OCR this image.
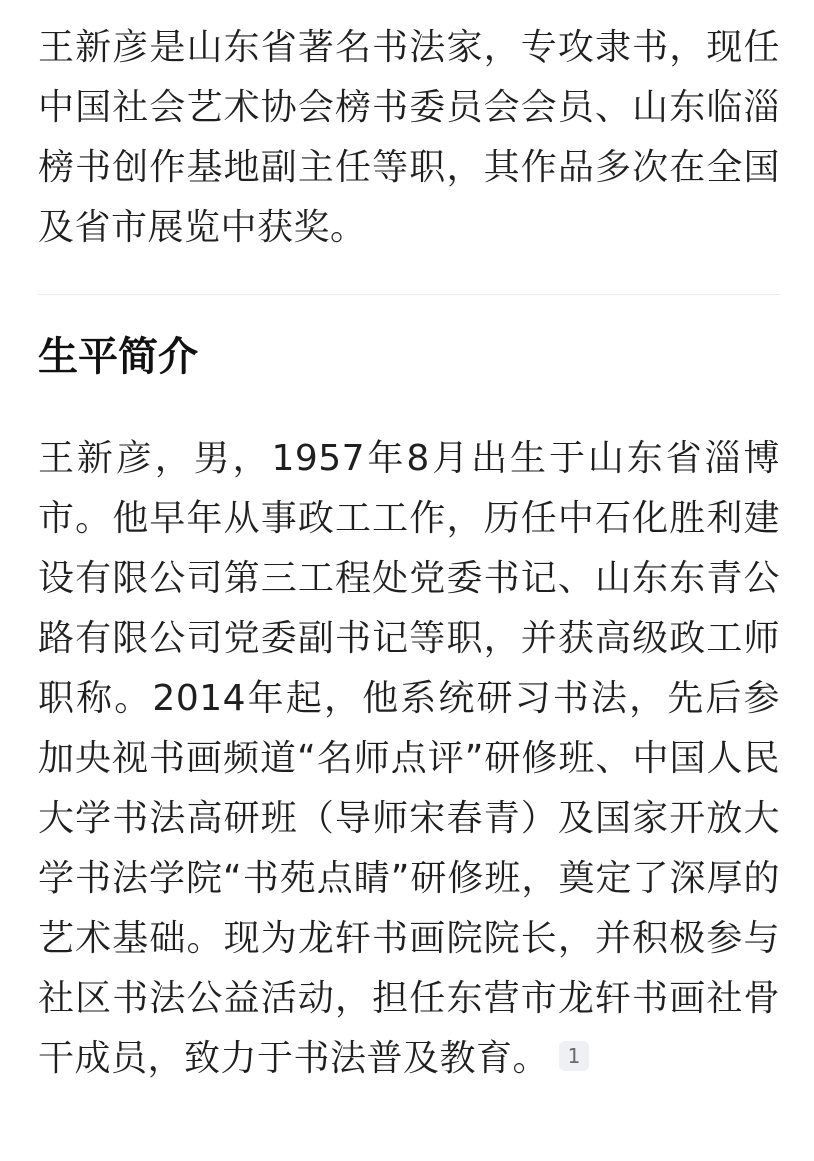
王新彦是山东省著名书法家，专攻隶书，现任中国社会艺术协会榜书委员会会员、山东临淄榜书创作基地副主任等职，其作品多次在全国及省市展览中获奖。

生平简介

王新彦，男，1957年8月出生于山东省淄博市。他早年从事政工工作，历任中石化胜利建设有限公司第三工程处党委书记、山东东青公路有限公司党委副书记等职，并获高级政工师职称。2014年起，他系统研习书法，先后参加央视书画频道“名师点评”研修班、中国人民大学书法高研班（导师宋春青）及国家开放大学书法学院“书苑点睛”研修班，奠定了深厚的艺术基础。现为龙轩书画院院长，并积极参与社区书法公益活动，担任东营市龙轩书画社骨干成员，致力于书法普及教育。 1
